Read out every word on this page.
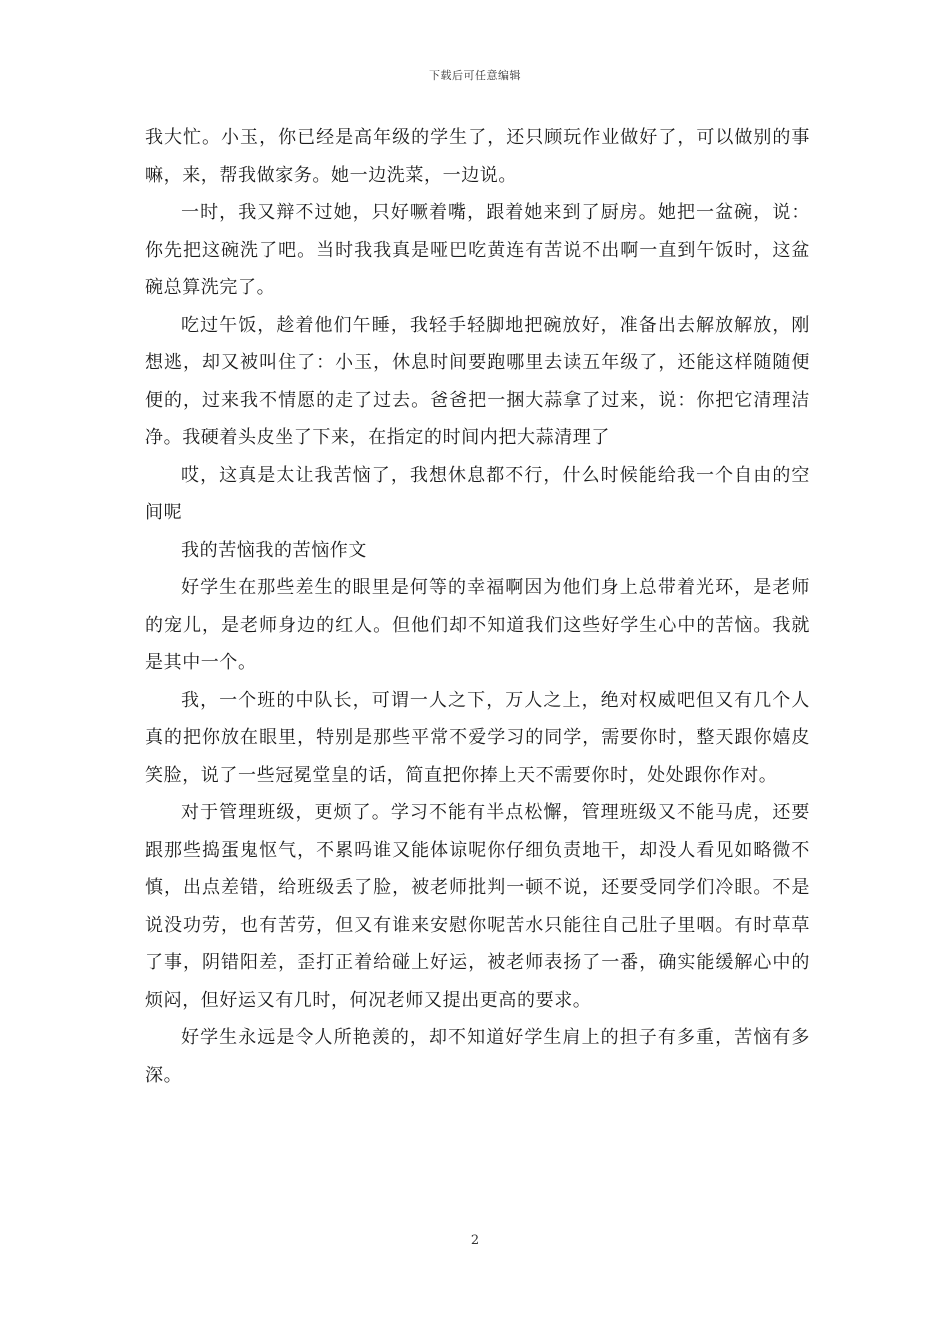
下载后可任意编辑

我大忙。小玉，你已经是高年级的学生了，还只顾玩作业做好了，可以做别的事嘛，来，帮我做家务。她一边洗菜，一边说。

一时，我又辩不过她，只好噘着嘴，跟着她来到了厨房。她把一盆碗，说：你先把这碗洗了吧。当时我我真是哑巴吃黄连有苦说不出啊一直到午饭时，这盆碗总算洗完了。

吃过午饭，趁着他们午睡，我轻手轻脚地把碗放好，准备出去解放解放，刚想逃，却又被叫住了：小玉，休息时间要跑哪里去读五年级了，还能这样随随便便的，过来我不情愿的走了过去。爸爸把一捆大蒜拿了过来，说：你把它清理洁净。我硬着头皮坐了下来，在指定的时间内把大蒜清理了

哎，这真是太让我苦恼了，我想休息都不行，什么时候能给我一个自由的空间呢

我的苦恼我的苦恼作文

好学生在那些差生的眼里是何等的幸福啊因为他们身上总带着光环，是老师的宠儿，是老师身边的红人。但他们却不知道我们这些好学生心中的苦恼。我就是其中一个。

我，一个班的中队长，可谓一人之下，万人之上，绝对权威吧但又有几个人真的把你放在眼里，特别是那些平常不爱学习的同学，需要你时，整天跟你嬉皮笑脸，说了一些冠冕堂皇的话，简直把你捧上天不需要你时，处处跟你作对。

对于管理班级，更烦了。学习不能有半点松懈，管理班级又不能马虎，还要跟那些捣蛋鬼怄气，不累吗谁又能体谅呢你仔细负责地干，却没人看见如略微不慎，出点差错，给班级丢了脸，被老师批判一顿不说，还要受同学们冷眼。不是说没功劳，也有苦劳，但又有谁来安慰你呢苦水只能往自己肚子里咽。有时草草了事，阴错阳差，歪打正着给碰上好运，被老师表扬了一番，确实能缓解心中的烦闷，但好运又有几时，何况老师又提出更高的要求。

好学生永远是令人所艳羡的，却不知道好学生肩上的担子有多重，苦恼有多深。

2
